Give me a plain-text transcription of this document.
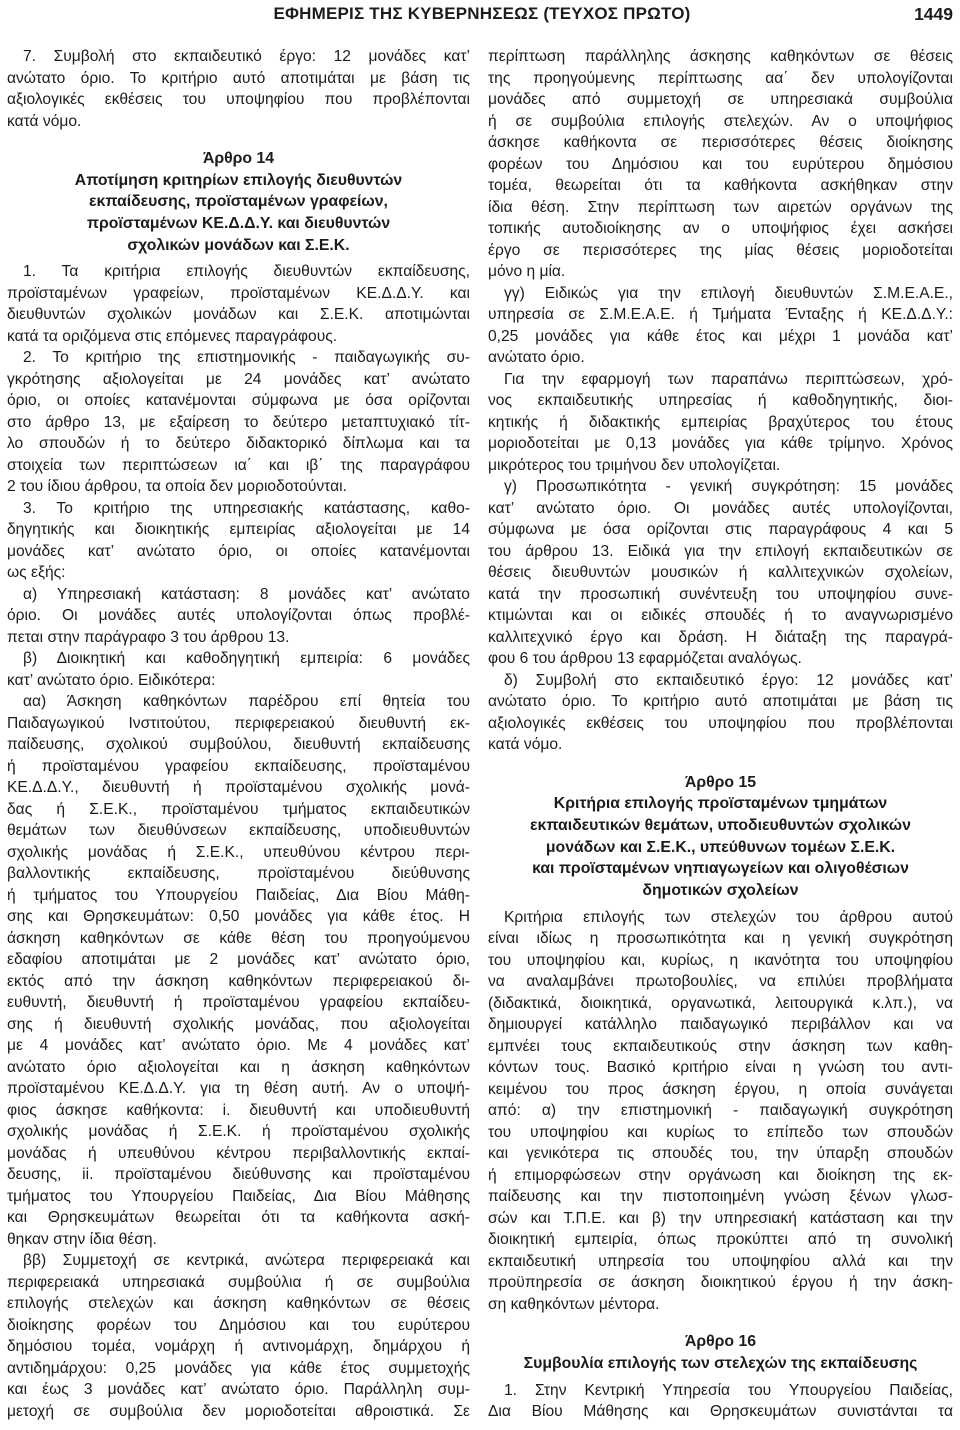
ΕΦΗΜΕΡΙΣ ΤΗΣ ΚΥΒΕΡΝΗΣΕΩΣ (ΤΕΥΧΟΣ ΠΡΩΤΟ)	1449
7. Συμβολή στο εκπαιδευτικό έργο: 12 μονάδες κατ’
ανώτατο όριο. Το κριτήριο αυτό αποτιμάται με βάση τις
αξιολογικές εκθέσεις του υποψηφίου που προβλέπονται
κατά νόμο.
Άρθρο 14
Αποτίμηση κριτηρίων επιλογής διευθυντών
εκπαίδευσης, προϊσταμένων γραφείων,
προϊσταμένων ΚΕ.Δ.Δ.Υ. και διευθυντών
σχολικών μονάδων και Σ.Ε.Κ.
1. Τα κριτήρια επιλογής διευθυντών εκπαίδευσης,
προϊσταμένων γραφείων, προϊσταμένων ΚΕ.Δ.Δ.Υ. και
διευθυντών σχολικών μονάδων και Σ.Ε.Κ. αποτιμώνται
κατά τα οριζόμενα στις επόμενες παραγράφους.
2. Το κριτήριο της επιστημονικής - παιδαγωγικής συ-
γκρότησης αξιολογείται με 24 μονάδες κατ’ ανώτατο
όριο, οι οποίες κατανέμονται σύμφωνα με όσα ορίζονται
στο άρθρο 13, με εξαίρεση το δεύτερο μεταπτυχιακό τίτ-
λο σπουδών ή το δεύτερο διδακτορικό δίπλωμα και τα
στοιχεία των περιπτώσεων ια΄ και ιβ΄ της παραγράφου
2 του ίδιου άρθρου, τα οποία δεν μοριοδοτούνται.
3. Το κριτήριο της υπηρεσιακής κατάστασης, καθο-
δηγητικής και διοικητικής εμπειρίας αξιολογείται με 14
μονάδες κατ’ ανώτατο όριο, οι οποίες κατανέμονται
ως εξής:
α) Υπηρεσιακή κατάσταση: 8 μονάδες κατ’ ανώτατο
όριο. Οι μονάδες αυτές υπολογίζονται όπως προβλέ-
πεται στην παράγραφο 3 του άρθρου 13.
β) Διοικητική και καθοδηγητική εμπειρία: 6 μονάδες
κατ’ ανώτατο όριο. Ειδικότερα:
αα) Άσκηση καθηκόντων παρέδρου επί θητεία του
Παιδαγωγικού Ινστιτούτου, περιφερειακού διευθυντή εκ-
παίδευσης, σχολικού συμβούλου, διευθυντή εκπαίδευσης
ή προϊσταμένου γραφείου εκπαίδευσης, προϊσταμένου
ΚΕ.Δ.Δ.Υ., διευθυντή ή προϊσταμένου σχολικής μονά-
δας ή Σ.Ε.Κ., προϊσταμένου τμήματος εκπαιδευτικών
θεμάτων των διευθύνσεων εκπαίδευσης, υποδιευθυντών
σχολικής μονάδας ή Σ.Ε.Κ., υπευθύνου κέντρου περι-
βαλλοντικής εκπαίδευσης, προϊσταμένου διεύθυνσης
ή τμήματος του Υπουργείου Παιδείας, Δια Βίου Μάθη-
σης και Θρησκευμάτων: 0,50 μονάδες για κάθε έτος. Η
άσκηση καθηκόντων σε κάθε θέση του προηγούμενου
εδαφίου αποτιμάται με 2 μονάδες κατ’ ανώτατο όριο,
εκτός από την άσκηση καθηκόντων περιφερειακού δι-
ευθυντή, διευθυντή ή προϊσταμένου γραφείου εκπαίδευ-
σης ή διευθυντή σχολικής μονάδας, που αξιολογείται
με 4 μονάδες κατ’ ανώτατο όριο. Με 4 μονάδες κατ’
ανώτατο όριο αξιολογείται και η άσκηση καθηκόντων
προϊσταμένου ΚΕ.Δ.Δ.Υ. για τη θέση αυτή. Αν ο υποψή-
φιος άσκησε καθήκοντα: i. διευθυντή και υποδιευθυντή
σχολικής μονάδας ή Σ.Ε.Κ. ή προϊσταμένου σχολικής
μονάδας ή υπευθύνου κέντρου περιβαλλοντικής εκπαί-
δευσης, ii. προϊσταμένου διεύθυνσης και προϊσταμένου
τμήματος του Υπουργείου Παιδείας, Δια Βίου Μάθησης
και Θρησκευμάτων θεωρείται ότι τα καθήκοντα ασκή-
θηκαν στην ίδια θέση.
ββ) Συμμετοχή σε κεντρικά, ανώτερα περιφερειακά και
περιφερειακά υπηρεσιακά συμβούλια ή σε συμβούλια
επιλογής στελεχών και άσκηση καθηκόντων σε θέσεις
διοίκησης φορέων του Δημόσιου και του ευρύτερου
δημόσιου τομέα, νομάρχη ή αντινομάρχη, δημάρχου ή
αντιδημάρχου: 0,25 μονάδες για κάθε έτος συμμετοχής
και έως 3 μονάδες κατ’ ανώτατο όριο. Παράλληλη συμ-
μετοχή σε συμβούλια δεν μοριοδοτείται αθροιστικά. Σε
περίπτωση παράλληλης άσκησης καθηκόντων σε θέσεις
της προηγούμενης περίπτωσης αα΄ δεν υπολογίζονται
μονάδες από συμμετοχή σε υπηρεσιακά συμβούλια
ή σε συμβούλια επιλογής στελεχών. Αν ο υποψήφιος
άσκησε καθήκοντα σε περισσότερες θέσεις διοίκησης
φορέων του Δημόσιου και του ευρύτερου δημόσιου
τομέα, θεωρείται ότι τα καθήκοντα ασκήθηκαν στην
ίδια θέση. Στην περίπτωση των αιρετών οργάνων της
τοπικής αυτοδιοίκησης αν ο υποψήφιος έχει ασκήσει
έργο σε περισσότερες της μίας θέσεις μοριοδοτείται
μόνο η μία.
γγ) Ειδικώς για την επιλογή διευθυντών Σ.Μ.Ε.Α.Ε.,
υπηρεσία σε Σ.Μ.Ε.Α.Ε. ή Τμήματα Ένταξης ή ΚΕ.Δ.Δ.Υ.:
0,25 μονάδες για κάθε έτος και μέχρι 1 μονάδα κατ’
ανώτατο όριο.
Για την εφαρμογή των παραπάνω περιπτώσεων, χρό-
νος εκπαιδευτικής υπηρεσίας ή καθοδηγητικής, διοι-
κητικής ή διδακτικής εμπειρίας βραχύτερος του έτους
μοριοδοτείται με 0,13 μονάδες για κάθε τρίμηνο. Χρόνος
μικρότερος του τριμήνου δεν υπολογίζεται.
γ) Προσωπικότητα - γενική συγκρότηση: 15 μονάδες
κατ’ ανώτατο όριο. Οι μονάδες αυτές υπολογίζονται,
σύμφωνα με όσα ορίζονται στις παραγράφους 4 και 5
του άρθρου 13. Ειδικά για την επιλογή εκπαιδευτικών σε
θέσεις διευθυντών μουσικών ή καλλιτεχνικών σχολείων,
κατά την προσωπική συνέντευξη του υποψηφίου συνε-
κτιμώνται και οι ειδικές σπουδές ή το αναγνωρισμένο
καλλιτεχνικό έργο και δράση. Η διάταξη της παραγρά-
φου 6 του άρθρου 13 εφαρμόζεται αναλόγως.
δ) Συμβολή στο εκπαιδευτικό έργο: 12 μονάδες κατ’
ανώτατο όριο. Το κριτήριο αυτό αποτιμάται με βάση τις
αξιολογικές εκθέσεις του υποψηφίου που προβλέπονται
κατά νόμο.
Άρθρο 15
Κριτήρια επιλογής προϊσταμένων τμημάτων
εκπαιδευτικών θεμάτων, υποδιευθυντών σχολικών
μονάδων και Σ.Ε.Κ., υπεύθυνων τομέων Σ.Ε.Κ.
και προϊσταμένων νηπιαγωγείων και ολιγοθέσιων
δημοτικών σχολείων
Κριτήρια επιλογής των στελεχών του άρθρου αυτού
είναι ιδίως η προσωπικότητα και η γενική συγκρότηση
του υποψηφίου και, κυρίως, η ικανότητα του υποψηφίου
να αναλαμβάνει πρωτοβουλίες, να επιλύει προβλήματα
(διδακτικά, διοικητικά, οργανωτικά, λειτουργικά κ.λπ.), να
δημιουργεί κατάλληλο παιδαγωγικό περιβάλλον και να
εμπνέει τους εκπαιδευτικούς στην άσκηση των καθη-
κόντων τους. Βασικό κριτήριο είναι η γνώση του αντι-
κειμένου του προς άσκηση έργου, η οποία συνάγεται
από: α) την επιστημονική - παιδαγωγική συγκρότηση
του υποψηφίου και κυρίως το επίπεδο των σπουδών
και γενικότερα τις σπουδές του, την ύπαρξη σπουδών
ή επιμορφώσεων στην οργάνωση και διοίκηση της εκ-
παίδευσης και την πιστοποιημένη γνώση ξένων γλωσ-
σών και Τ.Π.Ε. και β) την υπηρεσιακή κατάσταση και την
διοικητική εμπειρία, όπως προκύπτει από τη συνολική
εκπαιδευτική υπηρεσία του υποψηφίου αλλά και την
προϋπηρεσία σε άσκηση διοικητικού έργου ή την άσκη-
ση καθηκόντων μέντορα.
Άρθρο 16
Συμβουλία επιλογής των στελεχών της εκπαίδευσης
1. Στην Κεντρική Υπηρεσία του Υπουργείου Παιδείας,
Δια Βίου Μάθησης και Θρησκευμάτων συνιστάνται τα
